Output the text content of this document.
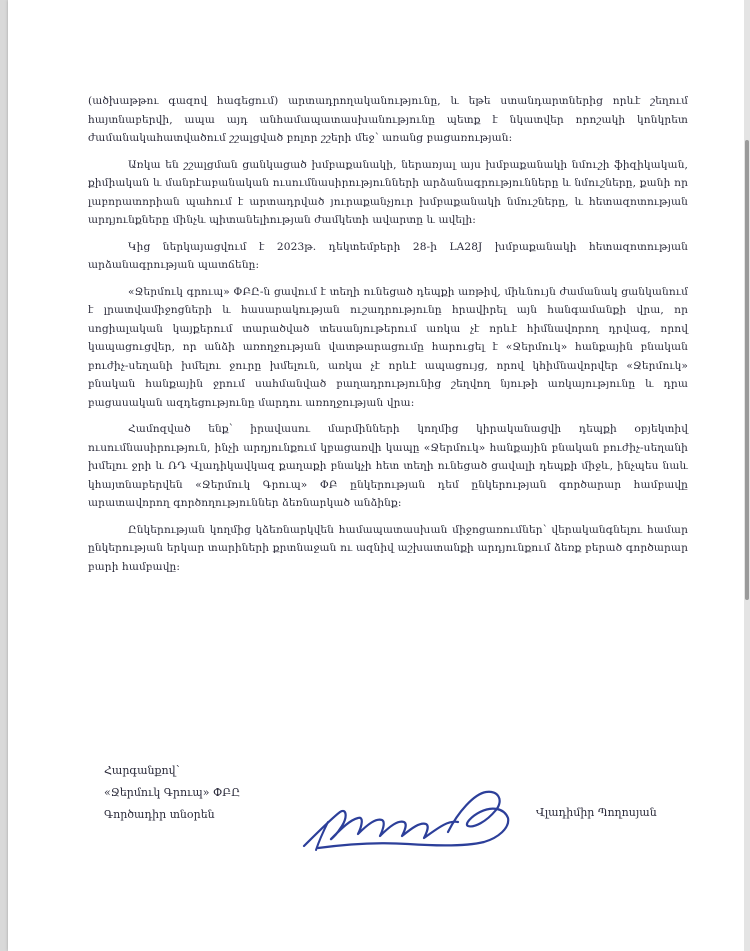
(ածխաթթու գազով հագեցում) արտադրողականությունը, և եթե ստանդարտներից որևէ շեղում հայտնաբերվի, ապա այդ անհամապատասխանությունը պետք է նկատվեր որոշակի կոնկրետ ժամանակահատվածում շշալցված բոլոր շշերի մեջ՝ առանց բացառության:

Առկա են շշալցման ցանկացած խմբաքանակի, ներառյալ այս խմբաքանակի նմուշի ֆիզիկական, քիմիական և մանրէաբանական ուսումնասիրությունների արձանագրությունները և նմուշները, քանի որ լաբորատորիան պահում է արտադրված յուրաքանչյուր խմբաքանակի նմուշները, և հետազոտության արդյունքները մինչև պիտանելիության ժամկետի ավարտը և ավելի:

Կից ներկայացվում է 2023թ. դեկտեմբերի 28-ի LA28J խմբաքանակի հետազոտության արձանագրության պատճենը:

«Ջերմուկ գրուպ» ՓԲԸ-ն ցավում է տեղի ունեցած դեպքի առթիվ, միևնույն ժամանակ ցանկանում է լրատվամիջոցների և հասարակության ուշադրությունը հրավիրել այն հանգամանքի վրա, որ սոցիալական կայքերում տարածված տեսանյութերում առկա չէ որևէ հիմնավորող դրվագ, որով կապացուցվեր, որ անձի առողջության վատթարացումը հարուցել է «Ջերմուկ» հանքային բնական բուժիչ-սեղանի խմելու ջուրը խմելուն, առկա չէ որևէ ապացույց, որով կհիմնավորվեր «Ջերմուկ» բնական հանքային ջրում սահմանված բաղադրությունից շեղվող նյութի առկայությունը և դրա բացասական ազդեցությունը մարդու առողջության վրա:

Համոզված ենք՝ իրավասու մարմինների կողմից կիրականացվի դեպքի օբյեկտիվ ուսումնասիրություն, ինչի արդյունքում կբացառվի կապը «Ջերմուկ» հանքային բնական բուժիչ-սեղանի խմելու ջրի և ՌԴ Վլադիկավկազ քաղաքի բնակչի հետ տեղի ունեցած ցավալի դեպքի միջև, ինչպես նաև կհայտնաբերվեն «Ջերմուկ Գրուպ» ՓԲ ընկերության դեմ ընկերության գործարար համբավը արատավորող գործողություններ ձեռնարկած անձինք:

Ընկերության կողմից կձեռնարկվեն համապատասխան միջոցառումներ՝ վերականգնելու համար ընկերության երկար տարիների քրտնաջան ու ազնիվ աշխատանքի արդյունքում ձեռք բերած գործարար բարի համբավը:

Հարգանքով՝
«Ջերմուկ Գրուպ» ՓԲԸ
Գործադիր տնօրեն	Վլադիմիր Պողոսյան
